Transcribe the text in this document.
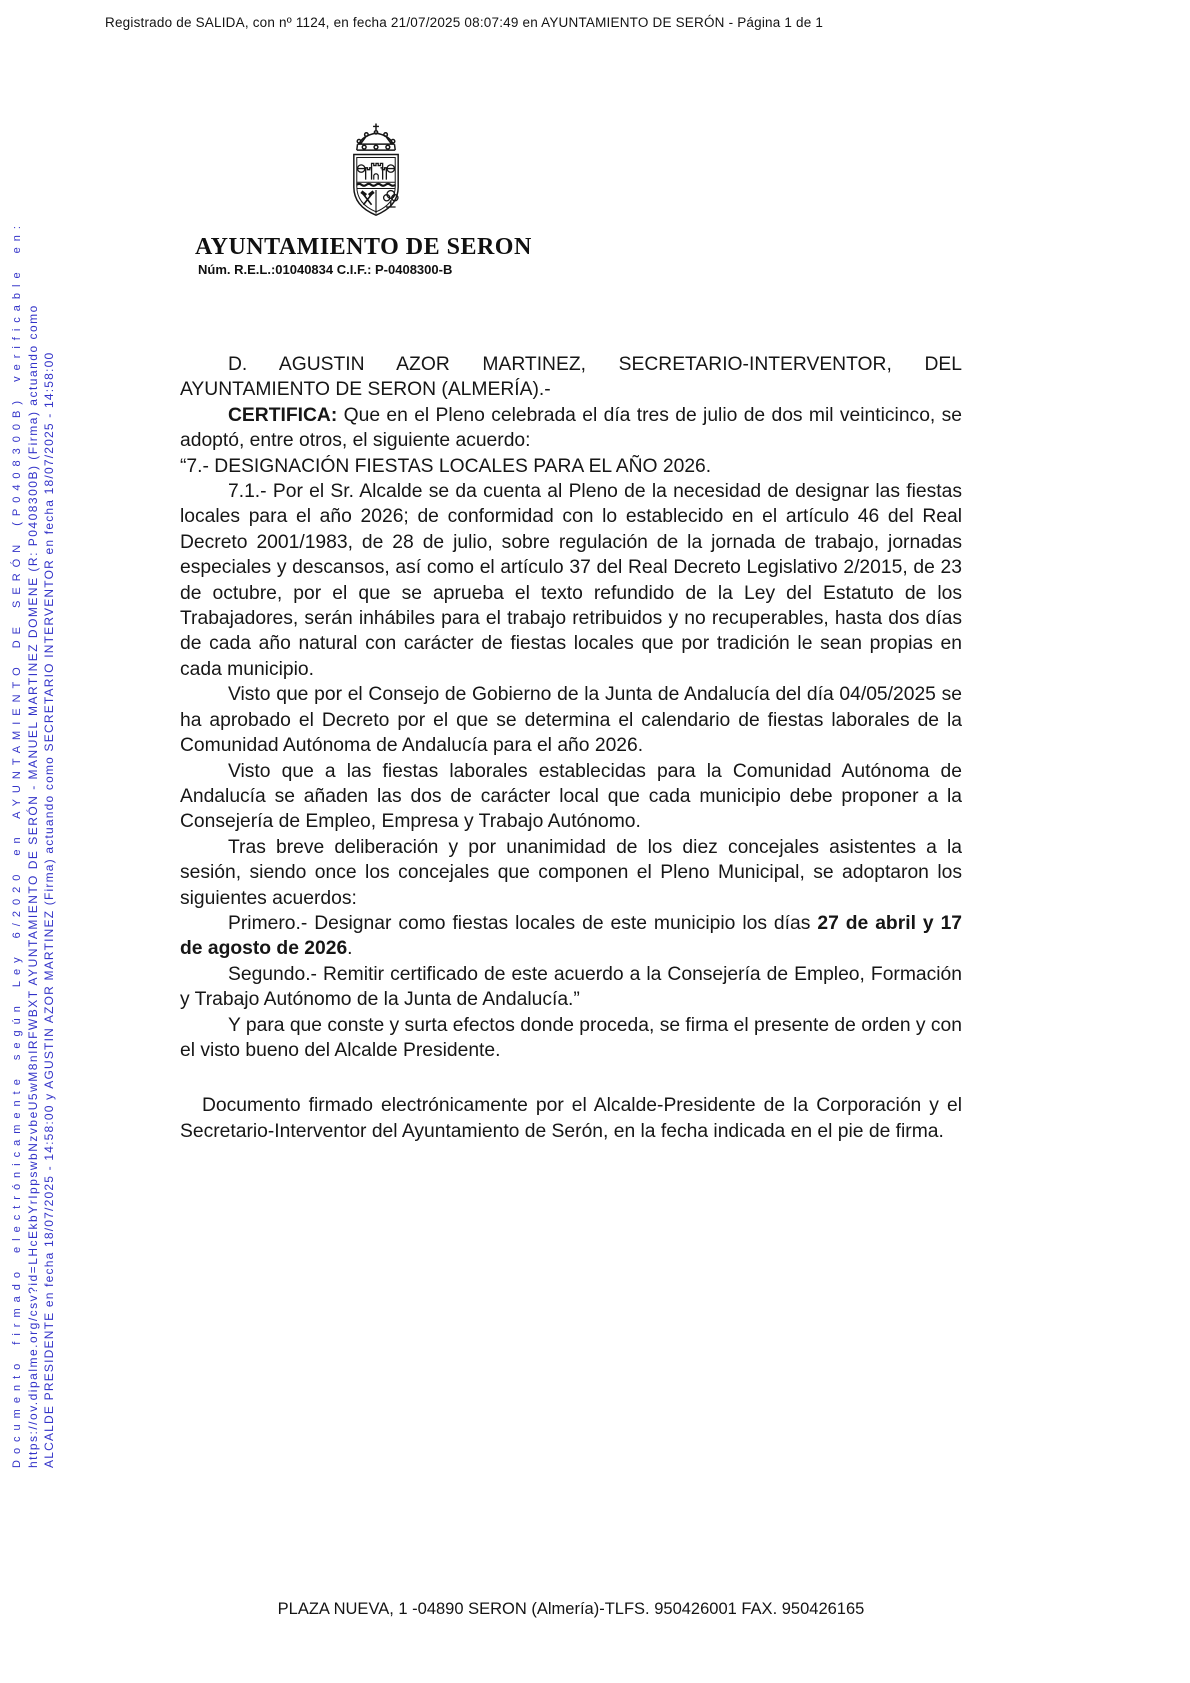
Registrado de SALIDA, con nº 1124, en fecha 21/07/2025 08:07:49 en AYUNTAMIENTO DE SERÓN - Página 1 de 1
Documento firmado electrónicamente según Ley 6/2020 en AYUNTAMIENTO DE SERÓN (P0408300B) verificable en: https://ov.dipalme.org/csv?id=LHcEkbYrIppswbNzvbeU5wM8nIRFWBXT AYUNTAMIENTO DE SERÓN - MANUEL MARTINEZ DOMENE (R: P0408300B) (Firma) actuando como ALCALDE PRESIDENTE en fecha 18/07/2025 - 14:58:00 y AGUSTIN AZOR MARTINEZ (Firma) actuando como SECRETARIO INTERVENTOR en fecha 18/07/2025 - 14:58:00
AYUNTAMIENTO DE SERON
Núm. R.E.L.:01040834 C.I.F.: P-0408300-B

D. AGUSTIN AZOR MARTINEZ, SECRETARIO-INTERVENTOR, DEL AYUNTAMIENTO DE SERON (ALMERÍA).-

CERTIFICA: Que en el Pleno celebrada el día tres de julio de dos mil veinticinco, se adoptó, entre otros, el siguiente acuerdo:

“7.- DESIGNACIÓN FIESTAS LOCALES PARA EL AÑO 2026.

7.1.- Por el Sr. Alcalde se da cuenta al Pleno de la necesidad de designar las fiestas locales para el año 2026; de conformidad con lo establecido en el artículo 46 del Real Decreto 2001/1983, de 28 de julio, sobre regulación de la jornada de trabajo, jornadas especiales y descansos, así como el artículo 37 del Real Decreto Legislativo 2/2015, de 23 de octubre, por el que se aprueba el texto refundido de la Ley del Estatuto de los Trabajadores, serán inhábiles para el trabajo retribuidos y no recuperables, hasta dos días de cada año natural con carácter de fiestas locales que por tradición le sean propias en cada municipio.

Visto que por el Consejo de Gobierno de la Junta de Andalucía del día 04/05/2025 se ha aprobado el Decreto por el que se determina el calendario de fiestas laborales de la Comunidad Autónoma de Andalucía para el año 2026.

Visto que a las fiestas laborales establecidas para la Comunidad Autónoma de Andalucía se añaden las dos de carácter local que cada municipio debe proponer a la Consejería de Empleo, Empresa y Trabajo Autónomo.

Tras breve deliberación y por unanimidad de los diez concejales asistentes a la sesión, siendo once los concejales que componen el Pleno Municipal, se adoptaron los siguientes acuerdos:

Primero.- Designar como fiestas locales de este municipio los días 27 de abril y 17 de agosto de 2026.

Segundo.- Remitir certificado de este acuerdo a la Consejería de Empleo, Formación y Trabajo Autónomo de la Junta de Andalucía.”

Y para que conste y surta efectos donde proceda, se firma el presente de orden y con el visto bueno del Alcalde Presidente.

Documento firmado electrónicamente por el Alcalde-Presidente de la Corporación y el Secretario-Interventor del Ayuntamiento de Serón, en la fecha indicada en el pie de firma.

PLAZA NUEVA, 1 -04890 SERON (Almería)-TLFS. 950426001 FAX. 950426165
